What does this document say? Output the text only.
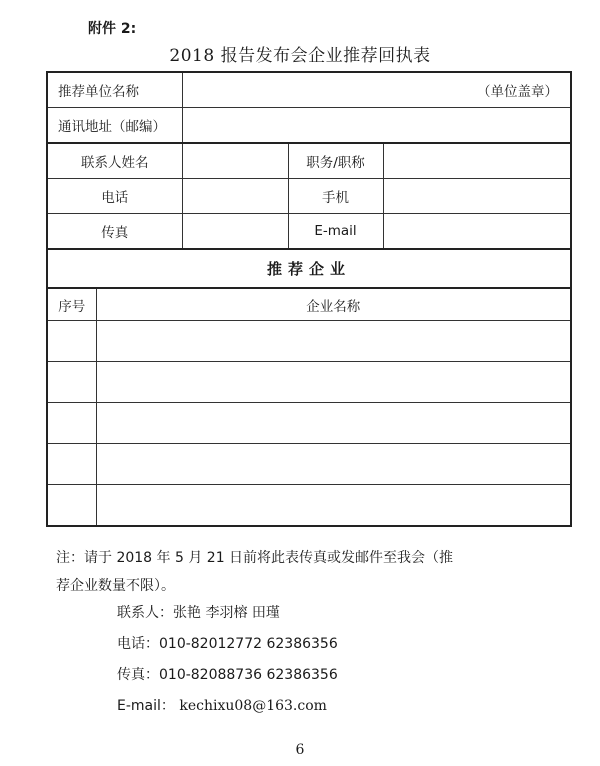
附件 2:
2018 报告发布会企业推荐回执表
推荐单位名称		（单位盖章）		
通讯地址（邮编）				
联系人姓名			职务/职称	
电话			手机	
传真			E-mail	
推荐企业				
序号	企业名称			

注：请于 2018 年 5 月 21 日前将此表传真或发邮件至我会（推
荐企业数量不限）。
联系人：张艳 李羽榕 田瑾
电话：010-82012772 62386356
传真：010-82088736 62386356
E-mail： kechixu08@163.com
6
